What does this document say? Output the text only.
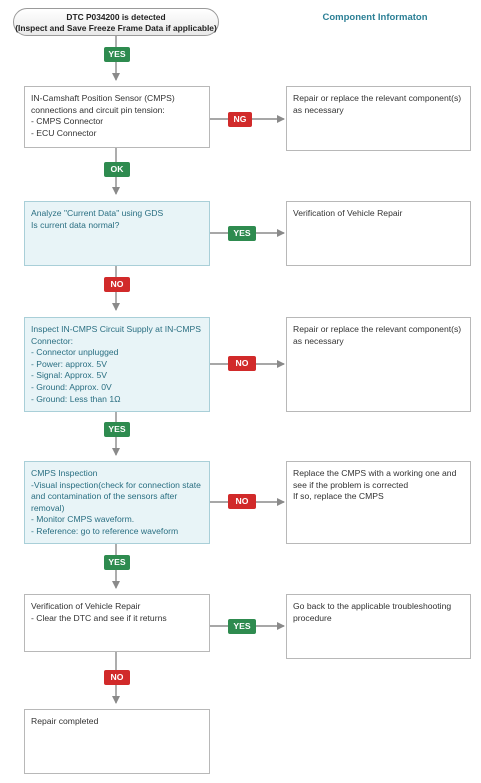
DTC P034200 is detected
(Inspect and Save Freeze Frame Data if applicable)
Component Informaton
YES
NG
OK
YES
NO
NO
YES
NO
YES
YES
NO
IN-Camshaft Position Sensor (CMPS) connections and circuit pin tension:
- CMPS Connector
- ECU Connector
Analyze "Current Data" using GDS
Is current data normal?
Inspect IN-CMPS Circuit Supply at IN-CMPS Connector:
- Connector unplugged
- Power: approx. 5V
- Signal: Approx. 5V
- Ground: Approx. 0V
- Ground: Less than 1Ω
CMPS Inspection
-Visual inspection(check for connection state and contamination of the sensors after removal)
- Monitor CMPS waveform.
- Reference: go to reference waveform
Verification of Vehicle Repair
- Clear the DTC and see if it returns
Repair completed
Repair or replace the relevant component(s) as necessary
Verification of Vehicle Repair
Repair or replace the relevant component(s) as necessary
Replace the CMPS with a working one and see if the problem is corrected
If so, replace the CMPS
Go back to the applicable troubleshooting procedure
